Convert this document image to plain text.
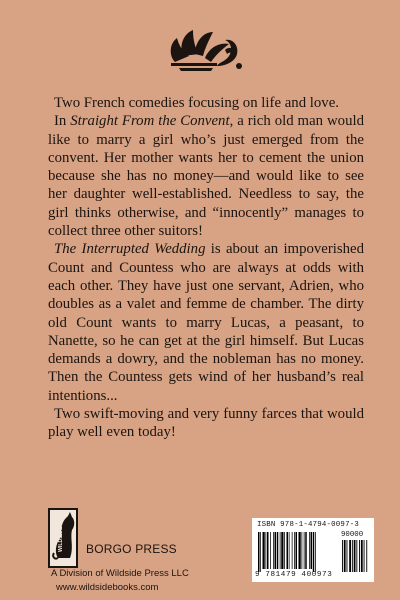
Two French comedies focusing on life and love.

In Straight From the Convent, a rich old man would like to marry a girl who’s just emerged from the convent. Her mother wants her to cement the union because she has no money—and would like to see her daughter well-established. Needless to say, the girl thinks otherwise, and “innocently” manages to collect three other suitors!

The Interrupted Wedding is about an impoverished Count and Countess who are always at odds with each other. They have just one servant, Adrien, who doubles as a valet and femme de chamber. The dirty old Count wants to marry Lucas, a peasant, to Nanette, so he can get at the girl himself. But Lucas demands a dowry, and the nobleman has no money. Then the Countess gets wind of her husband’s real intentions...

Two swift-moving and very funny farces that would play well even today!

WILDSIDE BORGO PRESS
A Division of Wildside Press LLC
www.wildsidebooks.com
ISBN 978-1-4794-0097-3
90000
9 781479 400973
